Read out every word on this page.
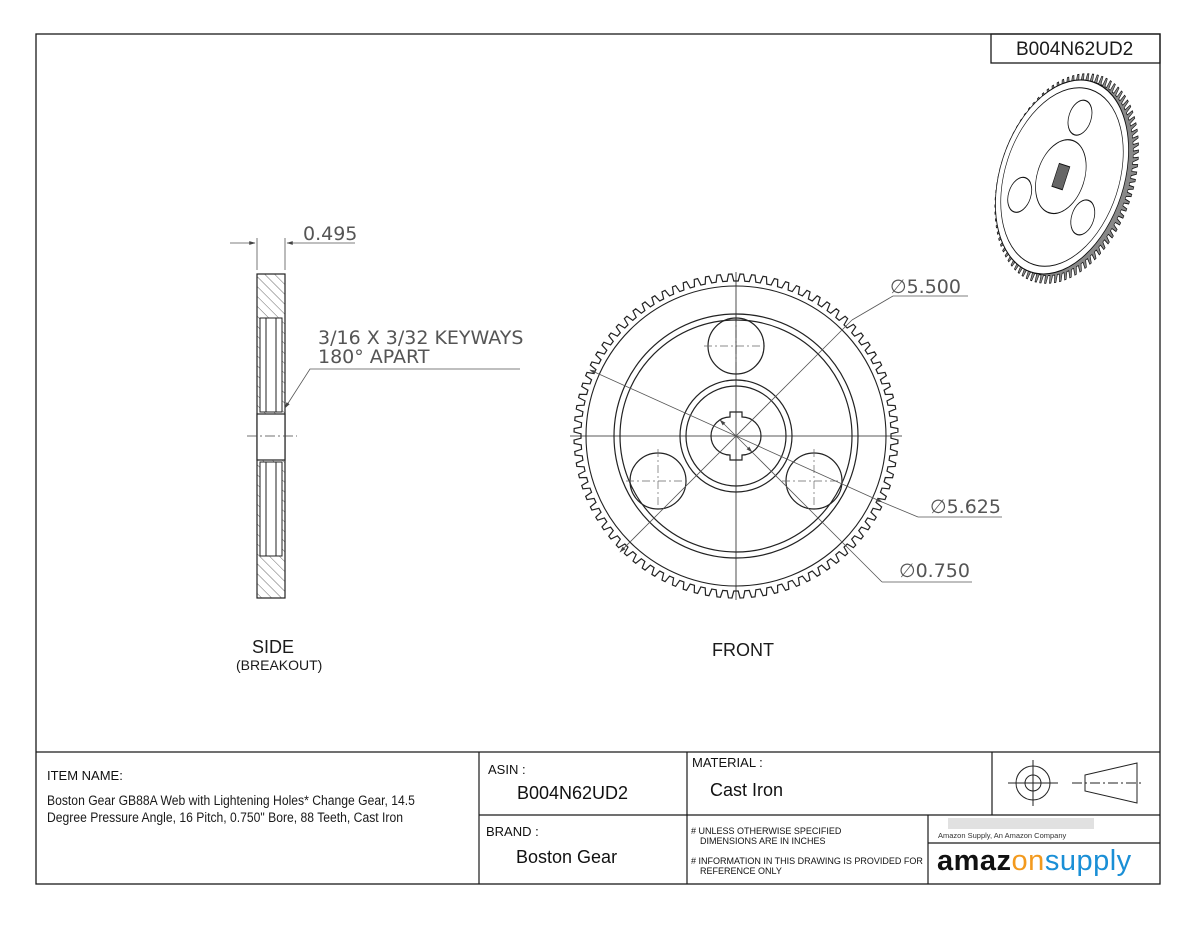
B004N62UD2
0.495
3/16 X 3/32 KEYWAYS
180° APART
∅5.500
∅5.625
∅0.750
SIDE
(BREAKOUT)
FRONT
ITEM NAME:
Boston Gear GB88A Web with Lightening Holes* Change Gear, 14.5
Degree Pressure Angle, 16 Pitch, 0.750" Bore, 88 Teeth, Cast Iron
ASIN :
B004N62UD2
MATERIAL :
Cast Iron
BRAND :
Boston Gear
# UNLESS OTHERWISE SPECIFIED
DIMENSIONS ARE IN INCHES
# INFORMATION IN THIS DRAWING IS PROVIDED FOR
REFERENCE ONLY
Amazon Supply, An Amazon Company
amazonsupply
